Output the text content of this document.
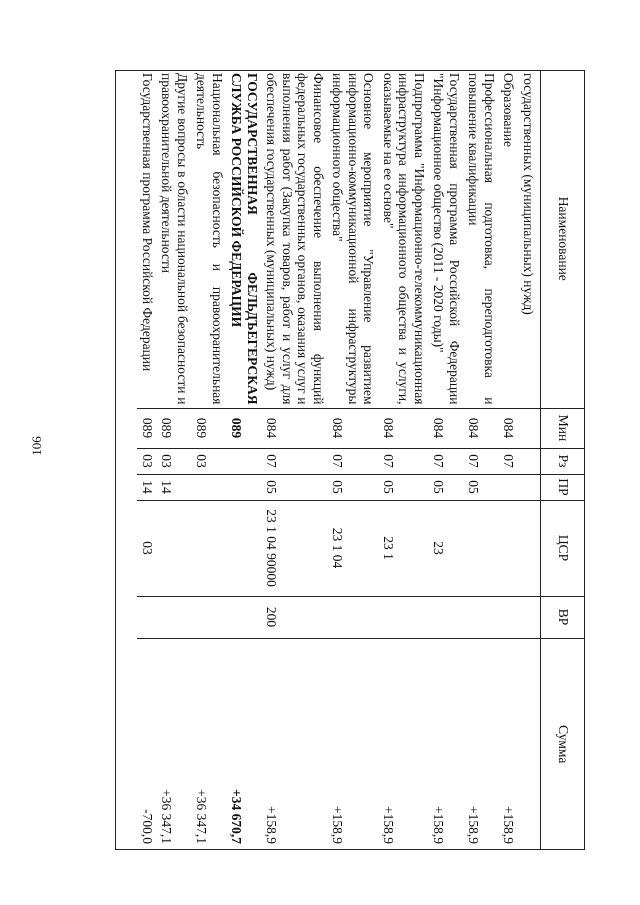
106
Наименование	Мин	Рз	ПР	ЦСР	ВР	Сумма
государственных (муниципальных) нужд)						
Образование	084	07				+158,9
Профессиональная подготовка, переподготовка и повышение квалификации	084	07	05			+158,9
Государственная программа Российской Федерации "Информационное общество (2011 - 2020 годы)"	084	07	05	23		+158,9
Подпрограмма "Информационно-телекоммуникационная инфраструктура информационного общества и услуги, оказываемые на ее основе"	084	07	05	23 1		+158,9
Основное мероприятие "Управление развитием информационно-коммуникационной инфраструктуры информационного общества"	084	07	05	23 1 04		+158,9
Финансовое обеспечение выполнения функций федеральных государственных органов, оказания услуг и выполнения работ (Закупка товаров, работ и услуг для обеспечения государственных (муниципальных) нужд)	084	07	05	23 1 04 90000	200	+158,9
ГОСУДАРСТВЕННАЯ ФЕЛЬДЪЕГЕРСКАЯ СЛУЖБА РОССИЙСКОЙ ФЕДЕРАЦИИ	089					+34 670,7
Национальная безопасность и правоохранительная деятельность	089	03				+36 347,1
Другие вопросы в области национальной безопасности и правоохранительной деятельности	089	03	14			+36 347,1
Государственная программа Российской Федерации	089	03	14	03		-700,0
